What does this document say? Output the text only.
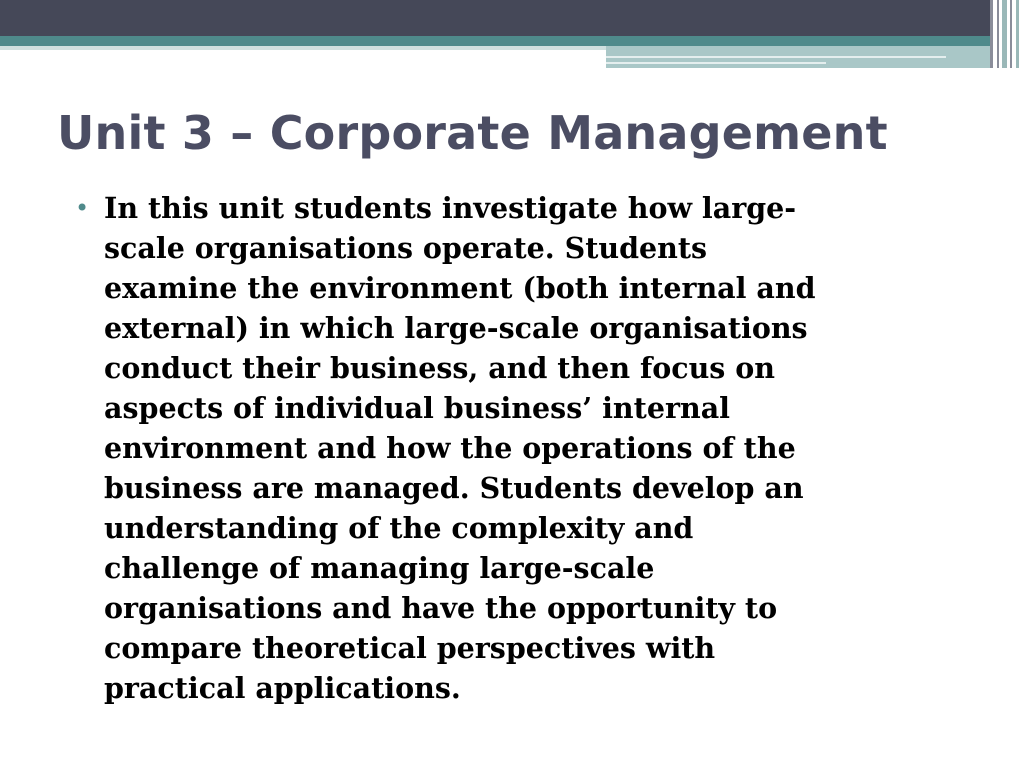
Unit 3 – Corporate Management
• In this unit students investigate how large-
scale organisations operate. Students
examine the environment (both internal and
external) in which large-scale organisations
conduct their business, and then focus on
aspects of individual business’ internal
environment and how the operations of the
business are managed. Students develop an
understanding of the complexity and
challenge of managing large-scale
organisations and have the opportunity to
compare theoretical perspectives with
practical applications.
